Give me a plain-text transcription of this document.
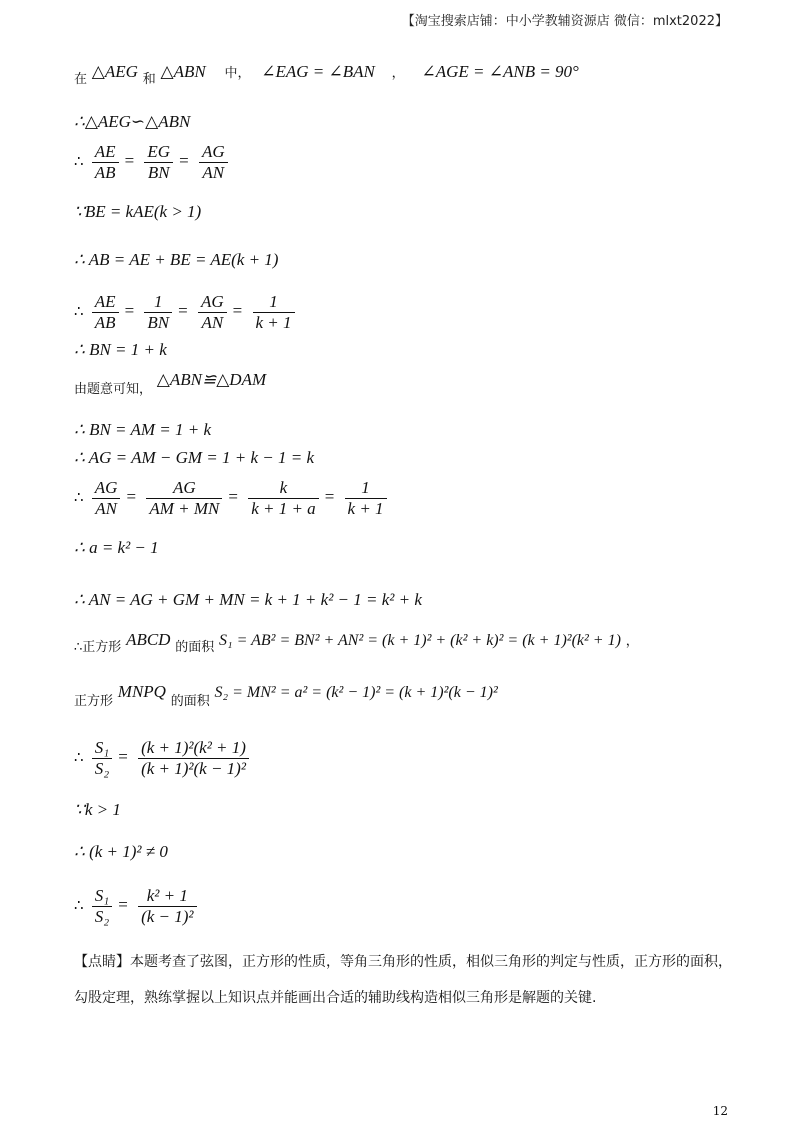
【淘宝搜索店铺：中小学教辅资源店 微信：mlxt2022】
在 △AEG 和 △ABN 中， ∠EAG = ∠BAN ， ∠AGE = ∠ANB = 90°
∴△AEG∽△ABN
∴ $\frac{AE}{AB} = \frac{EG}{BN} = \frac{AG}{AN}$
∵BE = kAE(k > 1)
∴ AB = AE + BE = AE(k + 1)
∴ $\frac{AE}{AB} = \frac{1}{BN} = \frac{AG}{AN} = \frac{1}{k + 1}$
∴ BN = 1 + k
由题意可知， △ABN≌△DAM
∴ BN = AM = 1 + k
∴ AG = AM − GM = 1 + k − 1 = k
∴ $\frac{AG}{AN} = \frac{AG}{AM + MN} = \frac{k}{k + 1 + a} = \frac{1}{k + 1}$
∴ a = k² − 1
∴ AN = AG + GM + MN = k + 1 + k² − 1 = k² + k
∴正方形 ABCD 的面积 S₁ = AB² = BN² + AN² = (k + 1)² + (k² + k)² = (k + 1)²(k² + 1) ，
正方形 MNPQ 的面积 S₂ = MN² = a² = (k² − 1)² = (k + 1)²(k − 1)²
∴ $\frac{\text{S₁}}{\text{S₂}} = \frac{\text{(k + 1)²(k² + 1)}}{\text{(k + 1)²(k − 1)²}}$
∵k > 1
∴ (k + 1)² ≠ 0
∴ $\frac{\text{S₁}}{\text{S₂}} = \frac{\text{k² + 1}}{\text{(k − 1)²}}$
【点睛】本题考查了弦图，正方形的性质，等角三角形的性质，相似三角形的判定与性质，正方形的面积，勾股定理，熟练掌握以上知识点并能画出合适的辅助线构造相似三角形是解题的关键.
12
